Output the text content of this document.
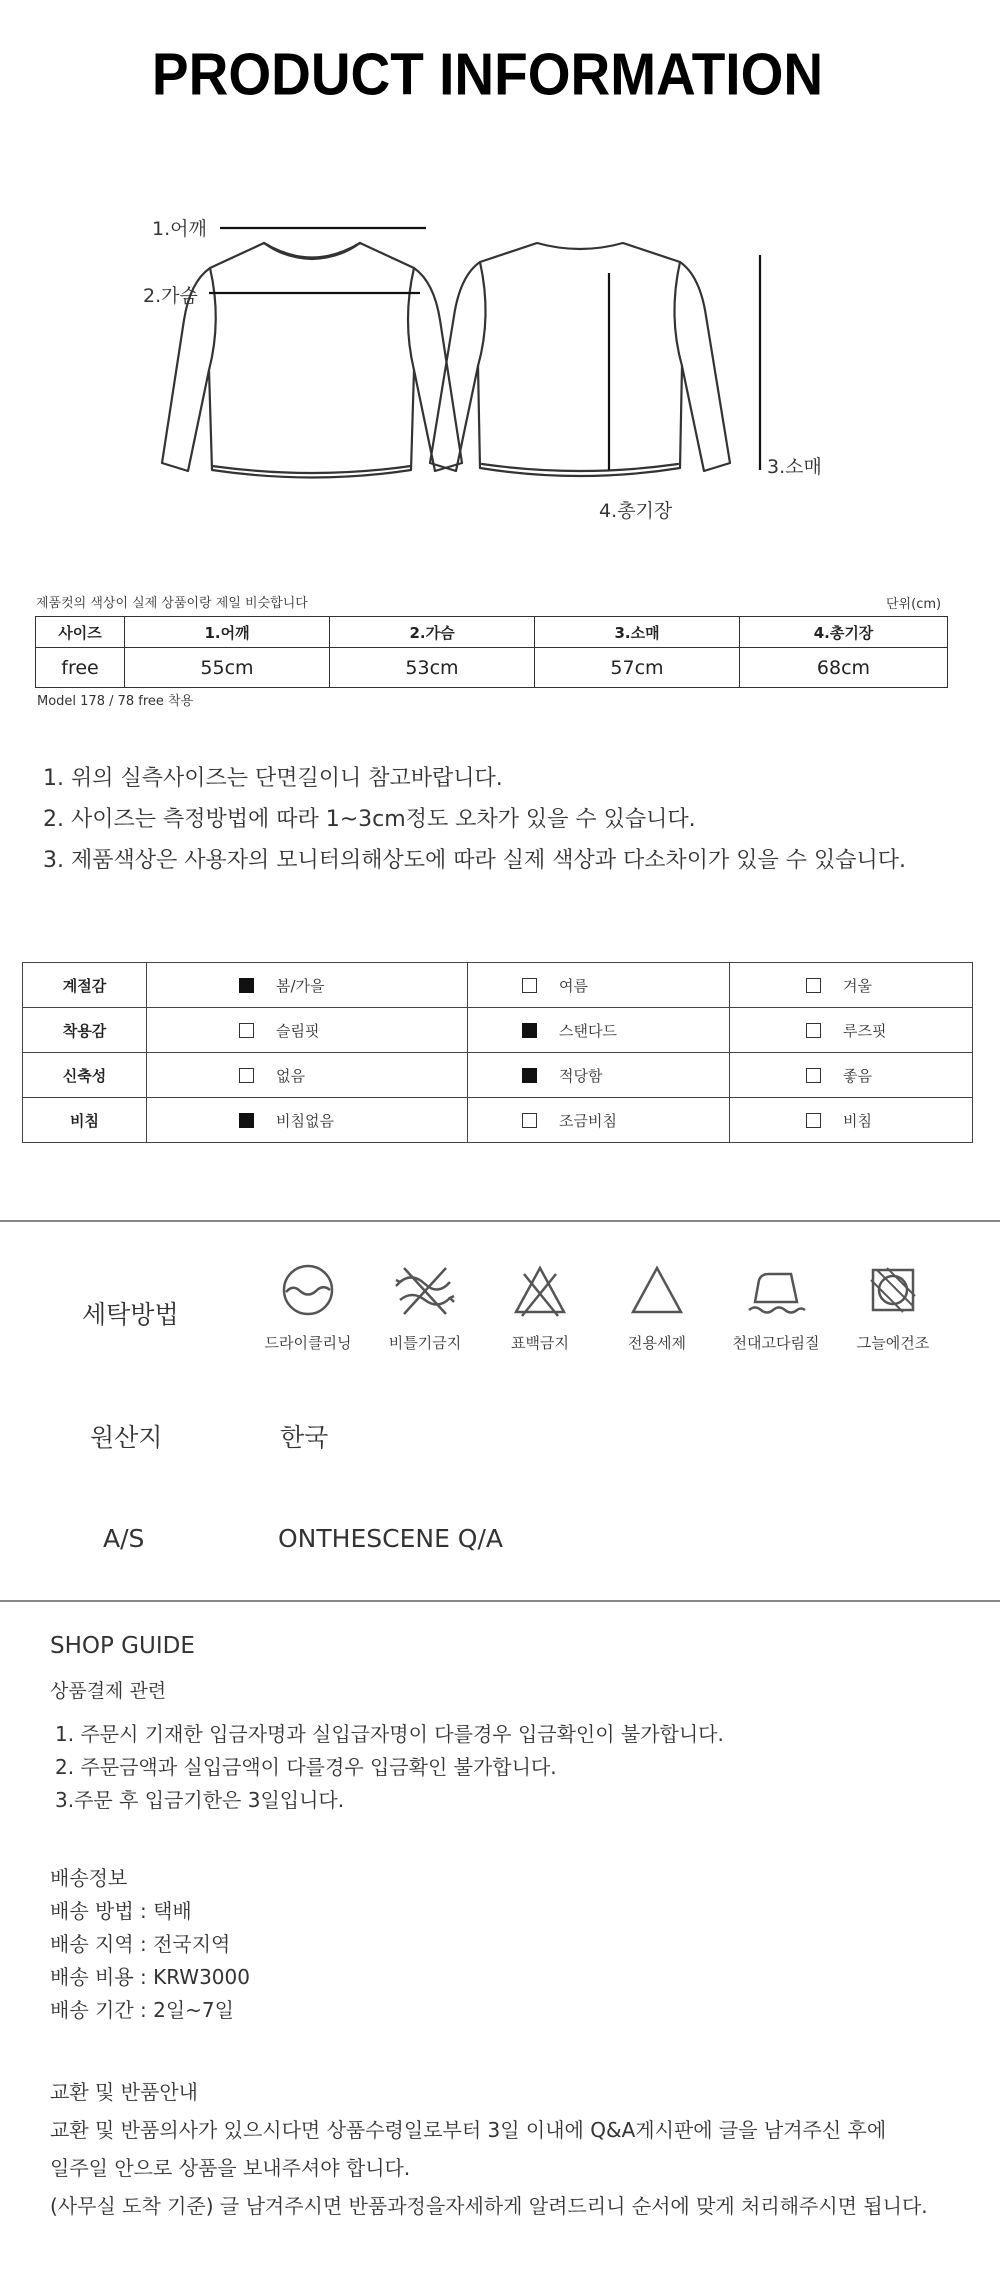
PRODUCT INFORMATION
1.어깨
2.가슴
3.소매
4.총기장
제품컷의 색상이 실제 상품이랑 제일 비슷합니다	단위(cm)
사이즈	1.어깨	2.가슴	3.소매	4.총기장
free	55cm	53cm	57cm	68cm
Model 178 / 78 free 착용
1. 위의 실측사이즈는 단면길이니 참고바랍니다.
2. 사이즈는 측정방법에 따라 1~3cm정도 오차가 있을 수 있습니다.
3. 제품색상은 사용자의 모니터의해상도에 따라 실제 색상과 다소차이가 있을 수 있습니다.
계절감	봄/가을	여름	겨울

착용감	슬림핏	스탠다드	루즈핏

신축성	없음	적당함	좋음

비침	비침없음	조금비침	비침
세탁방법
드라이클리닝	비틀기금지	표백금지	전용세제	천대고다림질	그늘에건조
원산지	한국
A/S	ONTHESCENE Q/A
SHOP GUIDE
상품결제 관련
1. 주문시 기재한 입금자명과 실입급자명이 다를경우 입금확인이 불가합니다.
2. 주문금액과 실입금액이 다를경우 입금확인 불가합니다.
3.주문 후 입금기한은 3일입니다.
배송정보
배송 방법 : 택배
배송 지역 : 전국지역
배송 비용 : KRW3000
배송 기간 : 2일~7일
교환 및 반품안내
교환 및 반품의사가 있으시다면 상품수령일로부터 3일 이내에 Q&A게시판에 글을 남겨주신 후에
일주일 안으로 상품을 보내주셔야 합니다.
(사무실 도착 기준) 글 남겨주시면 반품과정을자세하게 알려드리니 순서에 맞게 처리해주시면 됩니다.
